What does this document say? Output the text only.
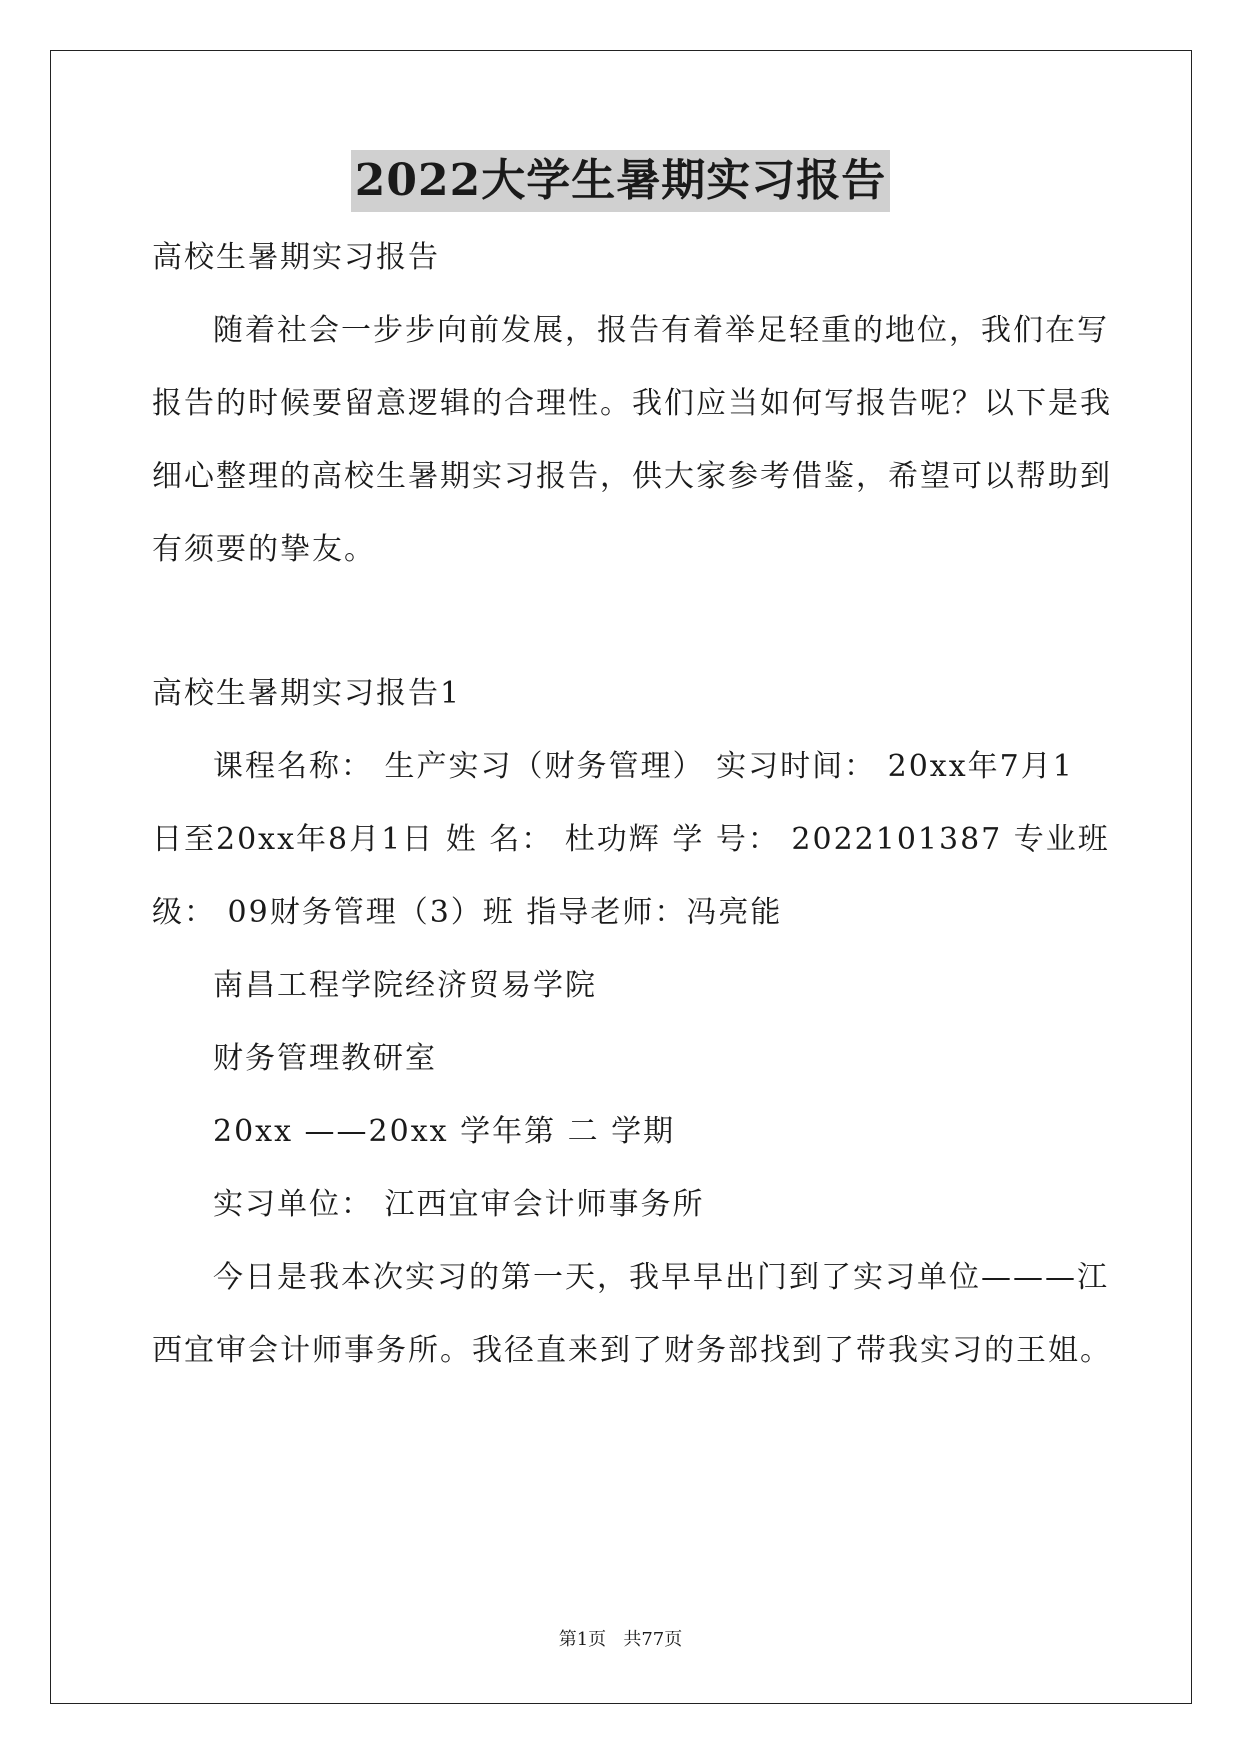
2022大学生暑期实习报告
高校生暑期实习报告
随着社会一步步向前发展，报告有着举足轻重的地位，我们在写
报告的时候要留意逻辑的合理性。我们应当如何写报告呢？以下是我
细心整理的高校生暑期实习报告，供大家参考借鉴，希望可以帮助到
有须要的挚友。
高校生暑期实习报告1
课程名称： 生产实习（财务管理） 实习时间： 20xx年7月1
日至20xx年8月1日 姓 名： 杜功辉 学 号： 2022101387 专业班
级： 09财务管理（3）班 指导老师：冯亮能
南昌工程学院经济贸易学院
财务管理教研室
20xx ——20xx 学年第 二 学期
实习单位： 江西宜审会计师事务所
今日是我本次实习的第一天，我早早出门到了实习单位———江
西宜审会计师事务所。我径直来到了财务部找到了带我实习的王姐。
第1页 共77页
